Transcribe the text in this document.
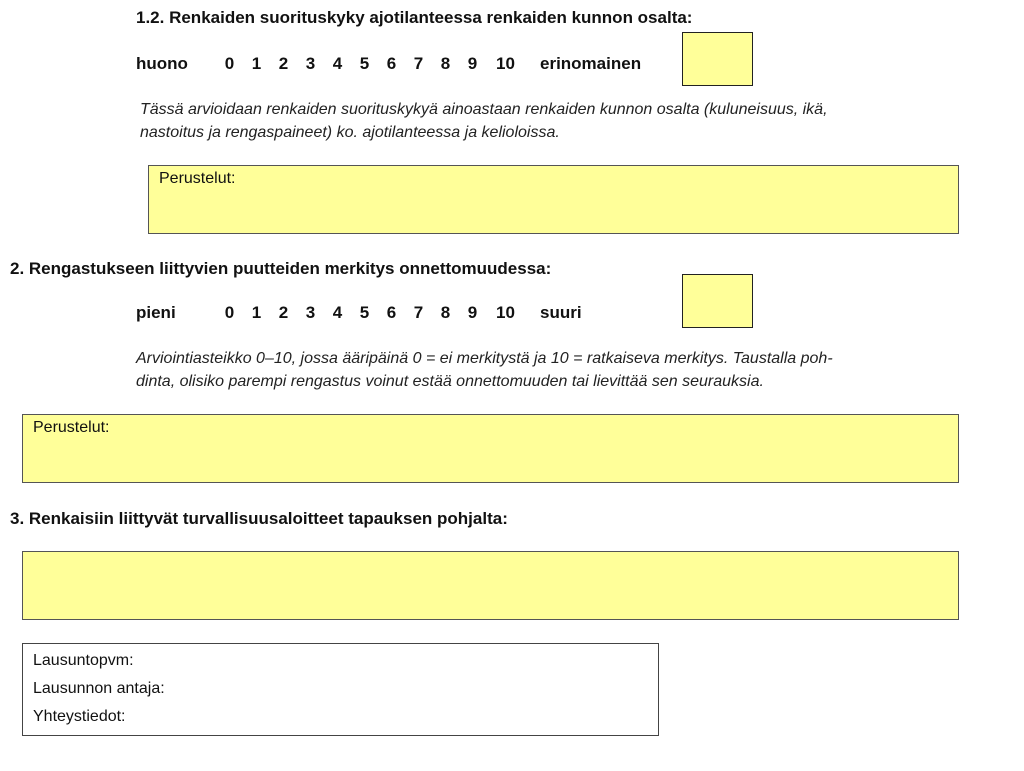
1.2. Renkaiden suorituskyky ajotilanteessa renkaiden kunnon osalta:
huono	0	1	2	3	4	5	6	7	8	9	10 erinomainen
Tässä arvioidaan renkaiden suorituskykyä ainoastaan renkaiden kunnon osalta (kuluneisuus, ikä,
nastoitus ja rengaspaineet) ko. ajotilanteessa ja kelioloissa.
Perustelut:
2. Rengastukseen liittyvien puutteiden merkitys onnettomuudessa:
pieni	0	1	2	3	4	5	6	7	8	9	10 suuri
Arviointiasteikko 0–10, jossa ääripäinä 0 = ei merkitystä ja 10 = ratkaiseva merkitys. Taustalla poh-
dinta, olisiko parempi rengastus voinut estää onnettomuuden tai lievittää sen seurauksia.
Perustelut:
3. Renkaisiin liittyvät turvallisuusaloitteet tapauksen pohjalta:
Lausuntopvm:
Lausunnon antaja:
Yhteystiedot:
